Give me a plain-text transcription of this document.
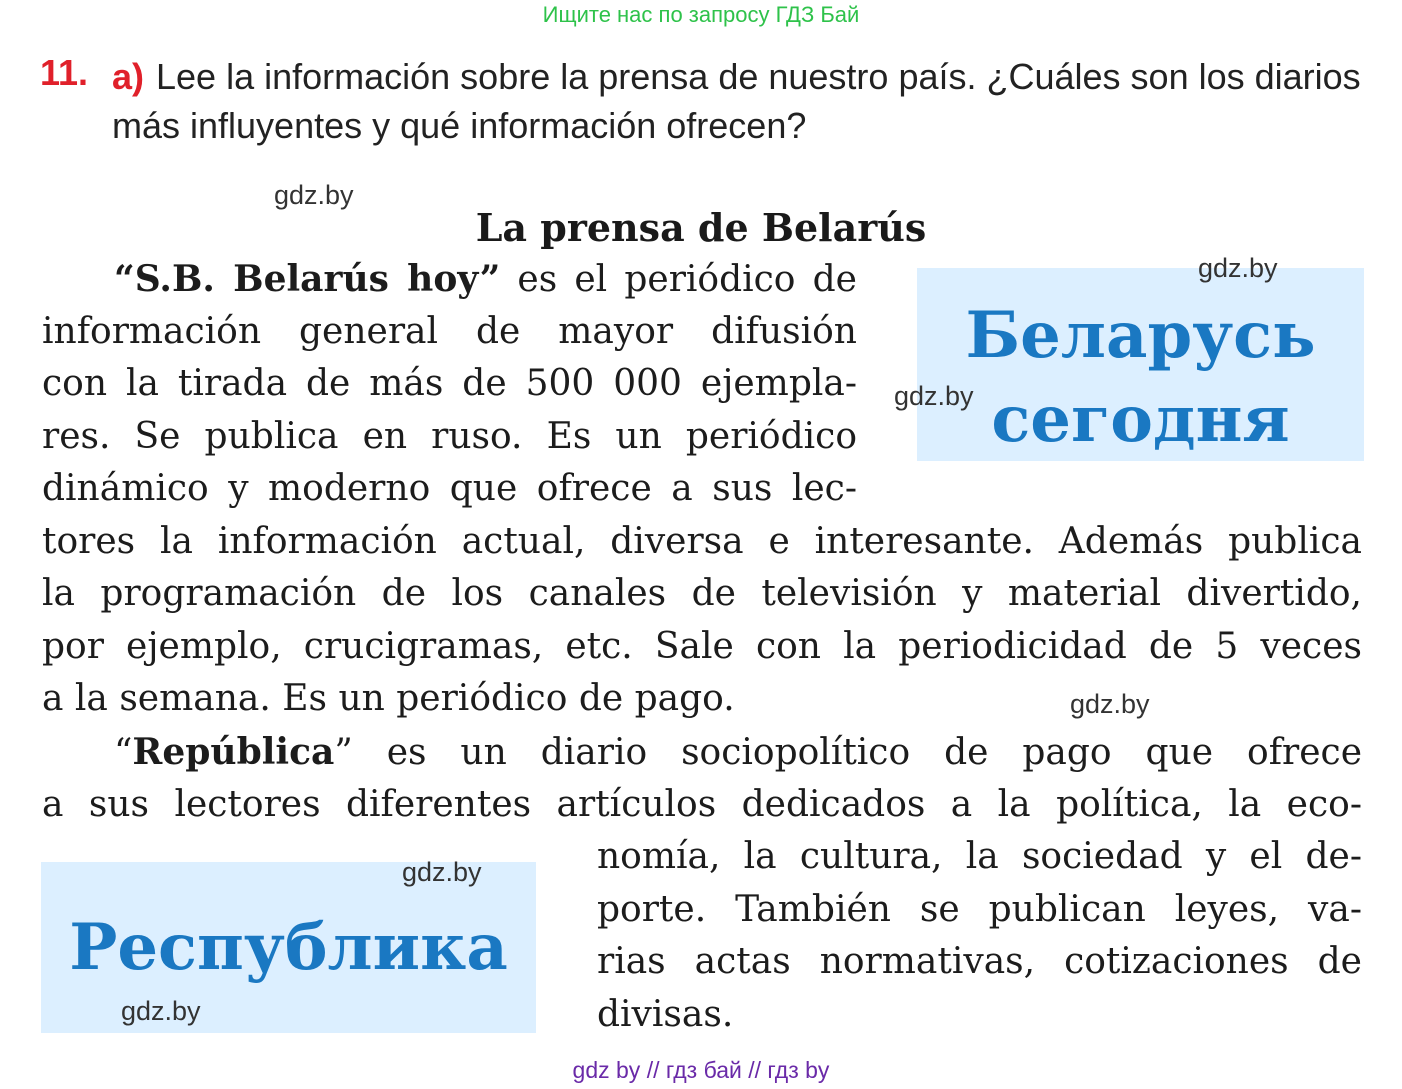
Ищите нас по запросу ГДЗ Бай
a) Lee la información sobre la prensa de nuestro país. ¿Cuáles son los diarios más influyentes y qué información ofrecen?
11.
gdz.by
La prensa de Belarús
“S.B. Belarús hoy” es el periódico de
información general de mayor difusión
con la tirada de más de 500 000 ejempla-
res. Se publica en ruso. Es un periódico
dinámico y moderno que ofrece a sus lec-
tores la información actual, diversa e interesante. Además publica
la programación de los canales de televisión y material divertido,
por ejemplo, crucigramas, etc. Sale con la periodicidad de 5 veces
a la semana. Es un periódico de pago.
“República” es un diario sociopolítico de pago que ofrece
a sus lectores diferentes artículos dedicados a la política, la eco-
nomía, la cultura, la sociedad y el de-
porte. También se publican leyes, va-
rias actas normativas, cotizaciones de
divisas.
Беларусь
сегодня
gdz.by
gdz.by
gdz.by
Республика
gdz.by
gdz.by
gdz by // гдз бай // гдз by
